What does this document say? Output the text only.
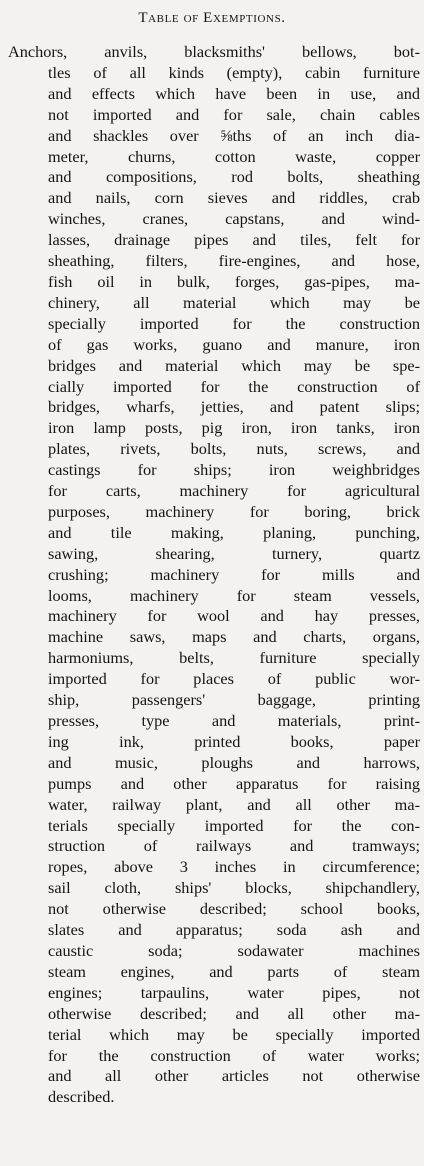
Table of Exemptions.
Anchors, anvils, blacksmiths' bellows, bot-
tles of all kinds (empty), cabin furniture
and effects which have been in use, and
not imported and for sale, chain cables
and shackles over ⅝ths of an inch dia-
meter, churns, cotton waste, copper
and compositions, rod bolts, sheathing
and nails, corn sieves and riddles, crab
winches, cranes, capstans, and wind-
lasses, drainage pipes and tiles, felt for
sheathing, filters, fire-engines, and hose,
fish oil in bulk, forges, gas-pipes, ma-
chinery, all material which may be
specially imported for the construction
of gas works, guano and manure, iron
bridges and material which may be spe-
cially imported for the construction of
bridges, wharfs, jetties, and patent slips;
iron lamp posts, pig iron, iron tanks, iron
plates, rivets, bolts, nuts, screws, and
castings for ships; iron weighbridges
for carts, machinery for agricultural
purposes, machinery for boring, brick
and tile making, planing, punching,
sawing, shearing, turnery, quartz
crushing; machinery for mills and
looms, machinery for steam vessels,
machinery for wool and hay presses,
machine saws, maps and charts, organs,
harmoniums, belts, furniture specially
imported for places of public wor-
ship, passengers' baggage, printing
presses, type and materials, print-
ing ink, printed books, paper
and music, ploughs and harrows,
pumps and other apparatus for raising
water, railway plant, and all other ma-
terials specially imported for the con-
struction of railways and tramways;
ropes, above 3 inches in circumference;
sail cloth, ships' blocks, shipchandlery,
not otherwise described; school books,
slates and apparatus; soda ash and
caustic soda; sodawater machines
steam engines, and parts of steam
engines; tarpaulins, water pipes, not
otherwise described; and all other ma-
terial which may be specially imported
for the construction of water works;
and all other articles not otherwise
described.
